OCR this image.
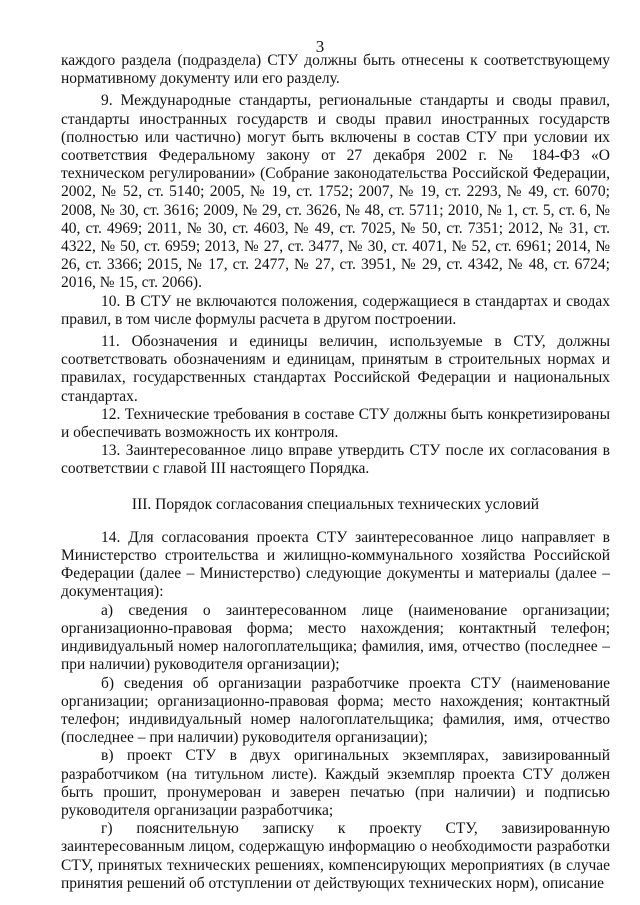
3

каждого раздела (подраздела) СТУ должны быть отнесены к соответствующему нормативному документу или его разделу.

9. Международные стандарты, региональные стандарты и своды правил, стандарты иностранных государств и своды правил иностранных государств (полностью или частично) могут быть включены в состав СТУ при условии их соответствия Федеральному закону от 27 декабря 2002 г. № 184-ФЗ «О техническом регулировании» (Собрание законодательства Российской Федерации, 2002, № 52, ст. 5140; 2005, № 19, ст. 1752; 2007, № 19, ст. 2293, № 49, ст. 6070; 2008, № 30, ст. 3616; 2009, № 29, ст. 3626, № 48, ст. 5711; 2010, № 1, ст. 5, ст. 6, № 40, ст. 4969; 2011, № 30, ст. 4603, № 49, ст. 7025, № 50, ст. 7351; 2012, № 31, ст. 4322, № 50, ст. 6959; 2013, № 27, ст. 3477, № 30, ст. 4071, № 52, ст. 6961; 2014, № 26, ст. 3366; 2015, № 17, ст. 2477, № 27, ст. 3951, № 29, ст. 4342, № 48, ст. 6724; 2016, № 15, ст. 2066).

10. В СТУ не включаются положения, содержащиеся в стандартах и сводах правил, в том числе формулы расчета в другом построении.

11. Обозначения и единицы величин, используемые в СТУ, должны соответствовать обозначениям и единицам, принятым в строительных нормах и правилах, государственных стандартах Российской Федерации и национальных стандартах.

12. Технические требования в составе СТУ должны быть конкретизированы и обеспечивать возможность их контроля.

13. Заинтересованное лицо вправе утвердить СТУ после их согласования в соответствии с главой III настоящего Порядка.

III. Порядок согласования специальных технических условий

14. Для согласования проекта СТУ заинтересованное лицо направляет в Министерство строительства и жилищно-коммунального хозяйства Российской Федерации (далее – Министерство) следующие документы и материалы (далее – документация):

а) сведения о заинтересованном лице (наименование организации; организационно-правовая форма; место нахождения; контактный телефон; индивидуальный номер налогоплательщика; фамилия, имя, отчество (последнее – при наличии) руководителя организации);

б) сведения об организации разработчике проекта СТУ (наименование организации; организационно-правовая форма; место нахождения; контактный телефон; индивидуальный номер налогоплательщика; фамилия, имя, отчество (последнее – при наличии) руководителя организации);

в) проект СТУ в двух оригинальных экземплярах, завизированный разработчиком (на титульном листе). Каждый экземпляр проекта СТУ должен быть прошит, пронумерован и заверен печатью (при наличии) и подписью руководителя организации разработчика;

г) пояснительную записку к проекту СТУ, завизированную заинтересованным лицом, содержащую информацию о необходимости разработки СТУ, принятых технических решениях, компенсирующих мероприятиях (в случае принятия решений об отступлении от действующих технических норм), описание
